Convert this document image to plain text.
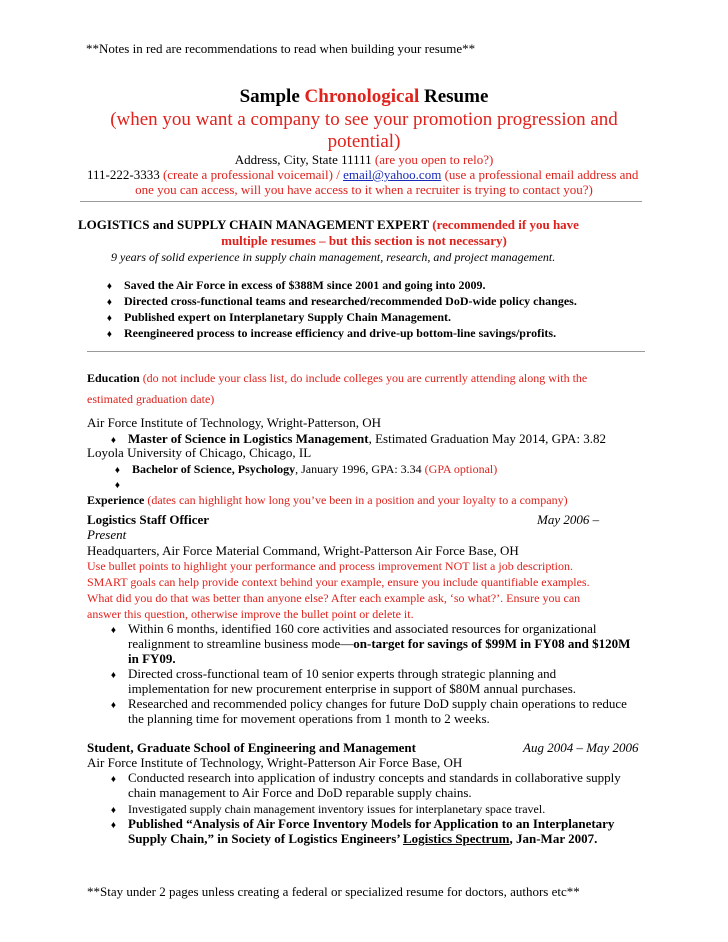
**Notes in red are recommendations to read when building your resume**
Sample Chronological Resume
(when you want a company to see your promotion progression and
potential)
Address, City, State 11111 (are you open to relo?)
111-222-3333 (create a professional voicemail) / email@yahoo.com (use a professional email address and
one you can access, will you have access to it when a recruiter is trying to contact you?)
LOGISTICS and SUPPLY CHAIN MANAGEMENT EXPERT (recommended if you have
multiple resumes – but this section is not necessary)
9 years of solid experience in supply chain management, research, and project management.
♦ Saved the Air Force in excess of $388M since 2001 and going into 2009.
♦ Directed cross-functional teams and researched/recommended DoD-wide policy changes.
♦ Published expert on Interplanetary Supply Chain Management.
♦ Reengineered process to increase efficiency and drive-up bottom-line savings/profits.
Education (do not include your class list, do include colleges you are currently attending along with the
estimated graduation date)
Air Force Institute of Technology, Wright-Patterson, OH
♦ Master of Science in Logistics Management, Estimated Graduation May 2014, GPA: 3.82
Loyola University of Chicago, Chicago, IL
♦ Bachelor of Science, Psychology, January 1996, GPA: 3.34 (GPA optional)
♦
Experience (dates can highlight how long you’ve been in a position and your loyalty to a company)
Logistics Staff Officer	May 2006 –
Present
Headquarters, Air Force Material Command, Wright-Patterson Air Force Base, OH
Use bullet points to highlight your performance and process improvement NOT list a job description.
SMART goals can help provide context behind your example, ensure you include quantifiable examples.
What did you do that was better than anyone else? After each example ask, ‘so what?’. Ensure you can
answer this question, otherwise improve the bullet point or delete it.
♦ Within 6 months, identified 160 core activities and associated resources for organizational
realignment to streamline business mode—on-target for savings of $99M in FY08 and $120M
in FY09.
♦ Directed cross-functional team of 10 senior experts through strategic planning and
implementation for new procurement enterprise in support of $80M annual purchases.
♦ Researched and recommended policy changes for future DoD supply chain operations to reduce
the planning time for movement operations from 1 month to 2 weeks.
Student, Graduate School of Engineering and Management	Aug 2004 – May 2006
Air Force Institute of Technology, Wright-Patterson Air Force Base, OH
♦ Conducted research into application of industry concepts and standards in collaborative supply
chain management to Air Force and DoD reparable supply chains.
♦ Investigated supply chain management inventory issues for interplanetary space travel.
♦ Published “Analysis of Air Force Inventory Models for Application to an Interplanetary
Supply Chain,” in Society of Logistics Engineers’ Logistics Spectrum, Jan-Mar 2007.
**Stay under 2 pages unless creating a federal or specialized resume for doctors, authors etc**
